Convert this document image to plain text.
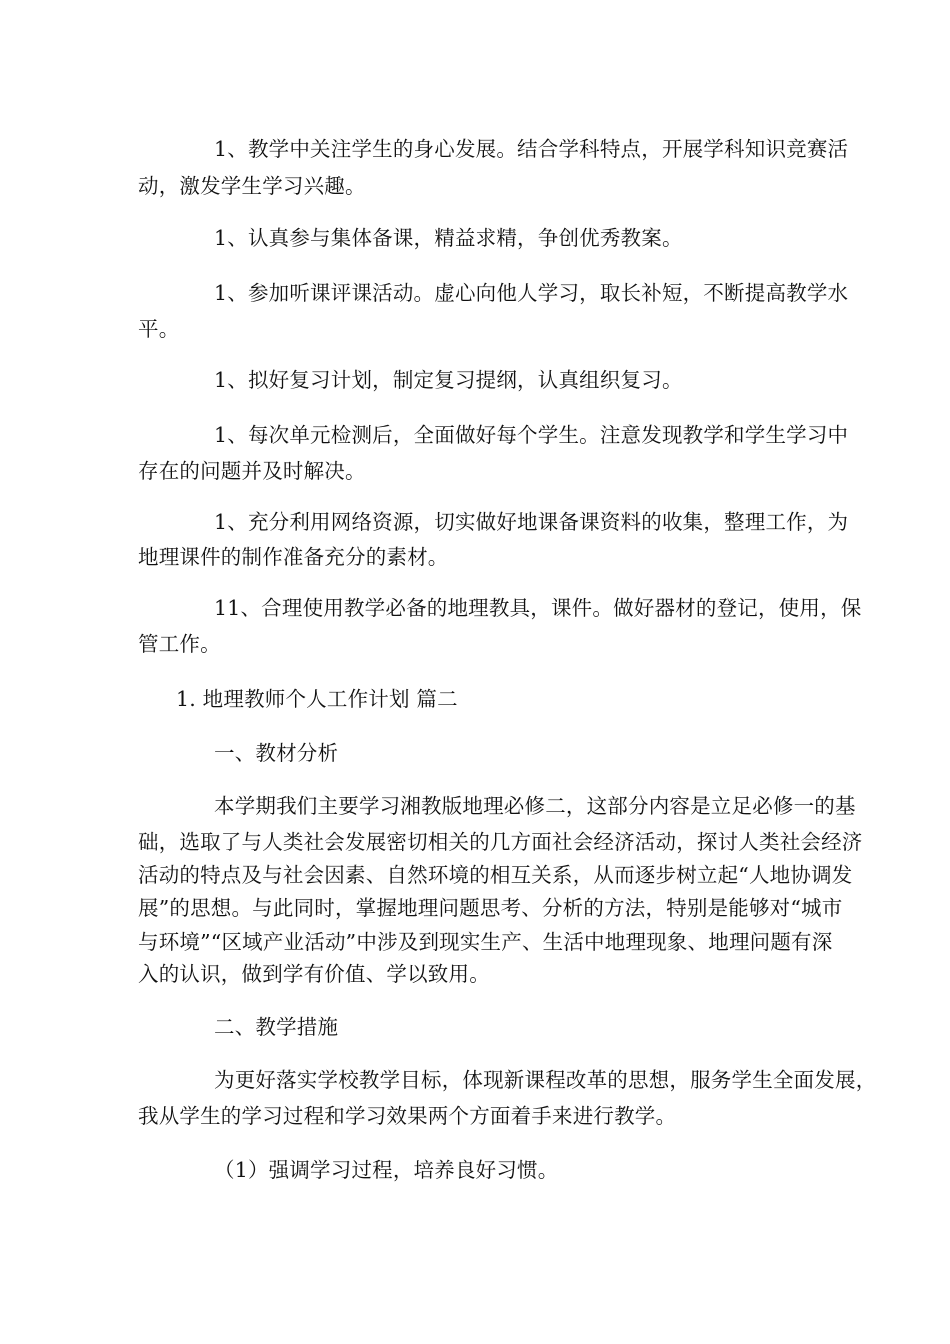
1、教学中关注学生的身心发展。结合学科特点，开展学科知识竞赛活

动，激发学生学习兴趣。

1、认真参与集体备课，精益求精，争创优秀教案。

1、参加听课评课活动。虚心向他人学习，取长补短，不断提高教学水

平。

1、拟好复习计划，制定复习提纲，认真组织复习。

1、每次单元检测后，全面做好每个学生。注意发现教学和学生学习中

存在的问题并及时解决。

1、充分利用网络资源，切实做好地课备课资料的收集，整理工作，为

地理课件的制作准备充分的素材。

11、合理使用教学必备的地理教具，课件。做好器材的登记，使用，保

管工作。

1. 地理教师个人工作计划 篇二

一、教材分析

本学期我们主要学习湘教版地理必修二，这部分内容是立足必修一的基

础，选取了与人类社会发展密切相关的几方面社会经济活动，探讨人类社会经济

活动的特点及与社会因素、自然环境的相互关系，从而逐步树立起“人地协调发

展”的思想。与此同时，掌握地理问题思考、分析的方法，特别是能够对“城市

与环境”“区域产业活动”中涉及到现实生产、生活中地理现象、地理问题有深

入的认识，做到学有价值、学以致用。

二、教学措施

为更好落实学校教学目标，体现新课程改革的思想，服务学生全面发展，

我从学生的学习过程和学习效果两个方面着手来进行教学。

（1）强调学习过程，培养良好习惯。
